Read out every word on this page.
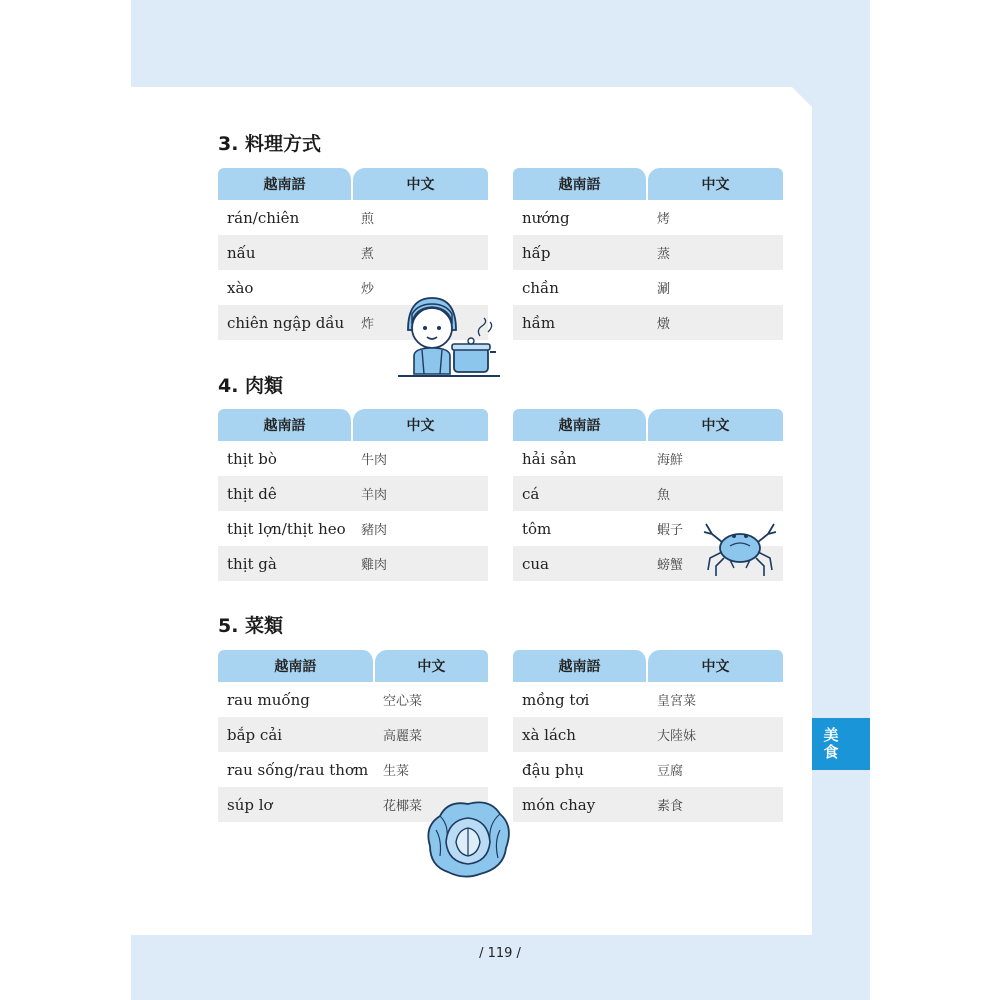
美食
3. 料理方式
越南語	中文
rán/chiên	煎
nấu	煮
xào	炒
chiên ngập dầu	炸
越南語	中文
nướng	烤
hấp	蒸
chần	涮
hầm	燉
4. 肉類
越南語	中文
thịt bò	牛肉
thịt dê	羊肉
thịt lợn/thịt heo	豬肉
thịt gà	雞肉
越南語	中文
hải sản	海鮮
cá	魚
tôm	蝦子
cua	螃蟹
5. 菜類
越南語	中文
rau muống	空心菜
bắp cải	高麗菜
rau sống/rau thơm	生菜
súp lơ	花椰菜
越南語	中文
mồng tơi	皇宮菜
xà lách	大陸妹
đậu phụ	豆腐
món chay	素食
/ 119 /
